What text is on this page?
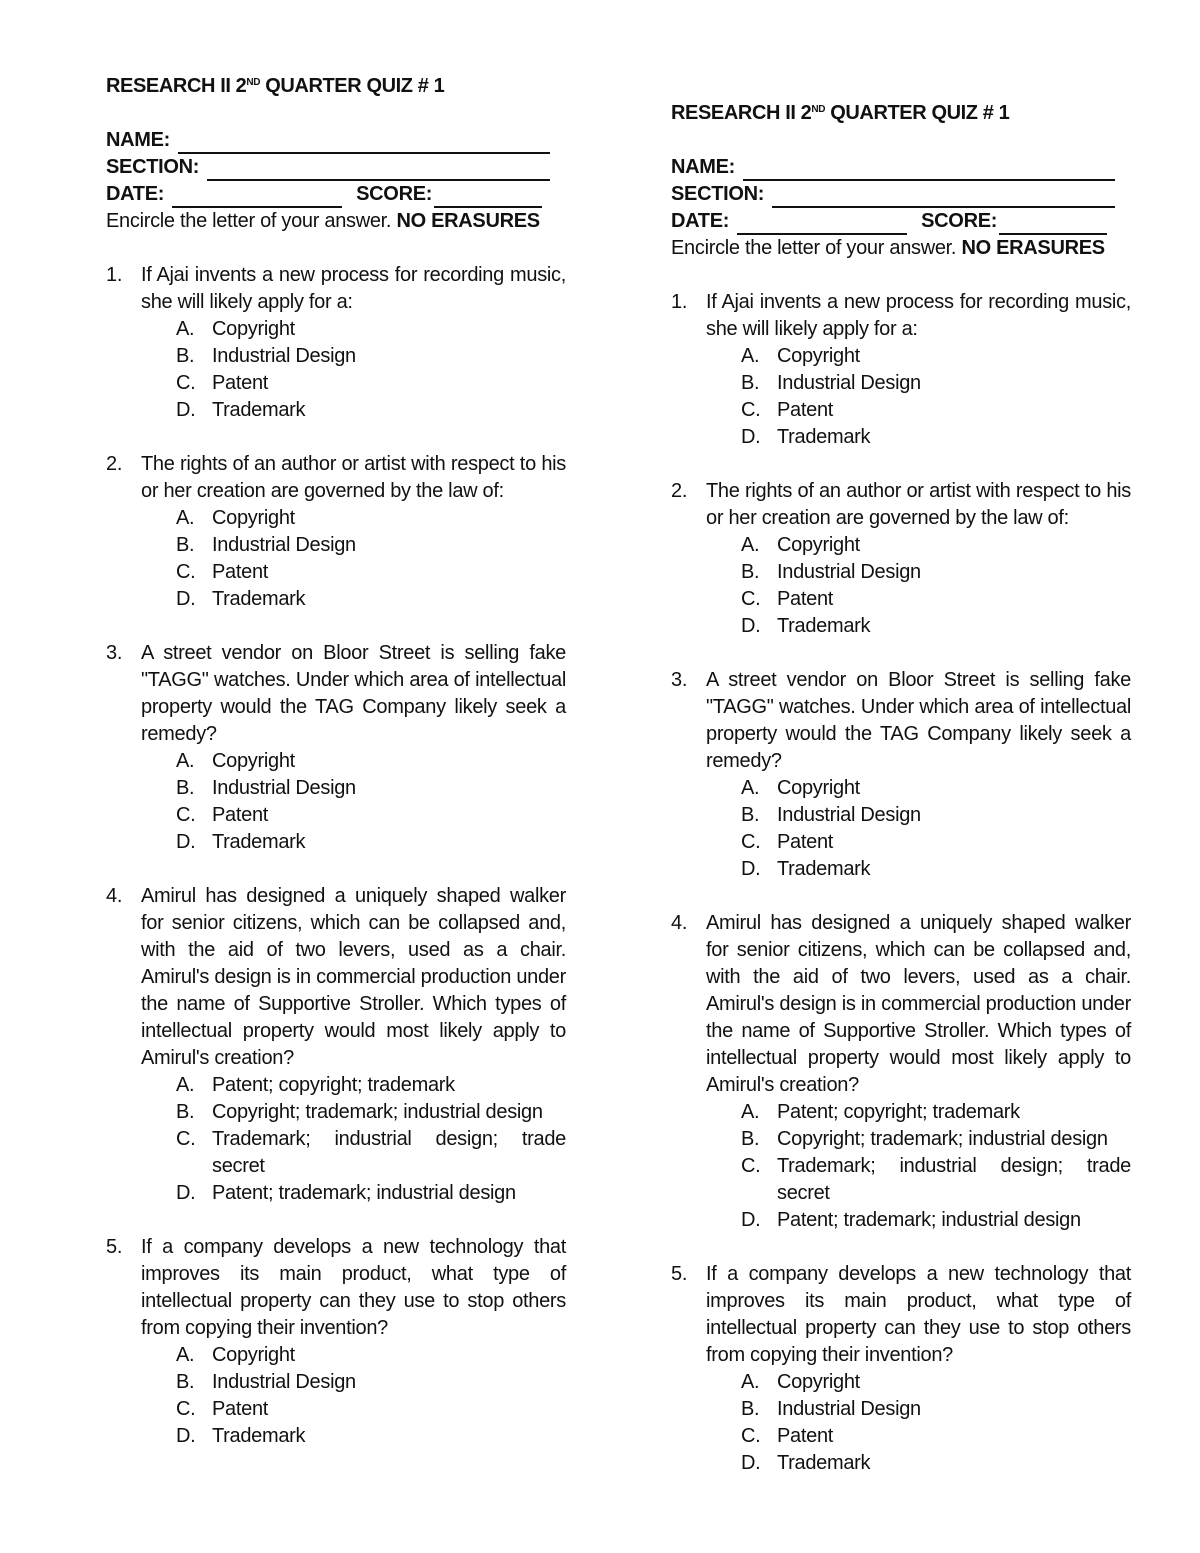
RESEARCH II 2ND QUARTER QUIZ # 1
NAME:
SECTION:
DATE:	SCORE:
Encircle the letter of your answer. NO ERASURES
1. If Ajai invents a new process for recording music, she will likely apply for a:
A. Copyright
B. Industrial Design
C. Patent
D. Trademark
2. The rights of an author or artist with respect to his or her creation are governed by the law of:
A. Copyright
B. Industrial Design
C. Patent
D. Trademark
3. A street vendor on Bloor Street is selling fake "TAGG" watches. Under which area of intellectual property would the TAG Company likely seek a remedy?
A. Copyright
B. Industrial Design
C. Patent
D. Trademark
4. Amirul has designed a uniquely shaped walker for senior citizens, which can be collapsed and, with the aid of two levers, used as a chair. Amirul's design is in commercial production under the name of Supportive Stroller. Which types of intellectual property would most likely apply to Amirul's creation?
A. Patent; copyright; trademark
B. Copyright; trademark; industrial design
C. Trademark; industrial design; trade secret
D. Patent; trademark; industrial design
5. If a company develops a new technology that improves its main product, what type of intellectual property can they use to stop others from copying their invention?
A. Copyright
B. Industrial Design
C. Patent
D. Trademark
RESEARCH II 2ND QUARTER QUIZ # 1
NAME:
SECTION:
DATE:	SCORE:
Encircle the letter of your answer. NO ERASURES
1. If Ajai invents a new process for recording music, she will likely apply for a:
A. Copyright
B. Industrial Design
C. Patent
D. Trademark
2. The rights of an author or artist with respect to his or her creation are governed by the law of:
A. Copyright
B. Industrial Design
C. Patent
D. Trademark
3. A street vendor on Bloor Street is selling fake "TAGG" watches. Under which area of intellectual property would the TAG Company likely seek a remedy?
A. Copyright
B. Industrial Design
C. Patent
D. Trademark
4. Amirul has designed a uniquely shaped walker for senior citizens, which can be collapsed and, with the aid of two levers, used as a chair. Amirul's design is in commercial production under the name of Supportive Stroller. Which types of intellectual property would most likely apply to Amirul's creation?
A. Patent; copyright; trademark
B. Copyright; trademark; industrial design
C. Trademark; industrial design; trade secret
D. Patent; trademark; industrial design
5. If a company develops a new technology that improves its main product, what type of intellectual property can they use to stop others from copying their invention?
A. Copyright
B. Industrial Design
C. Patent
D. Trademark
